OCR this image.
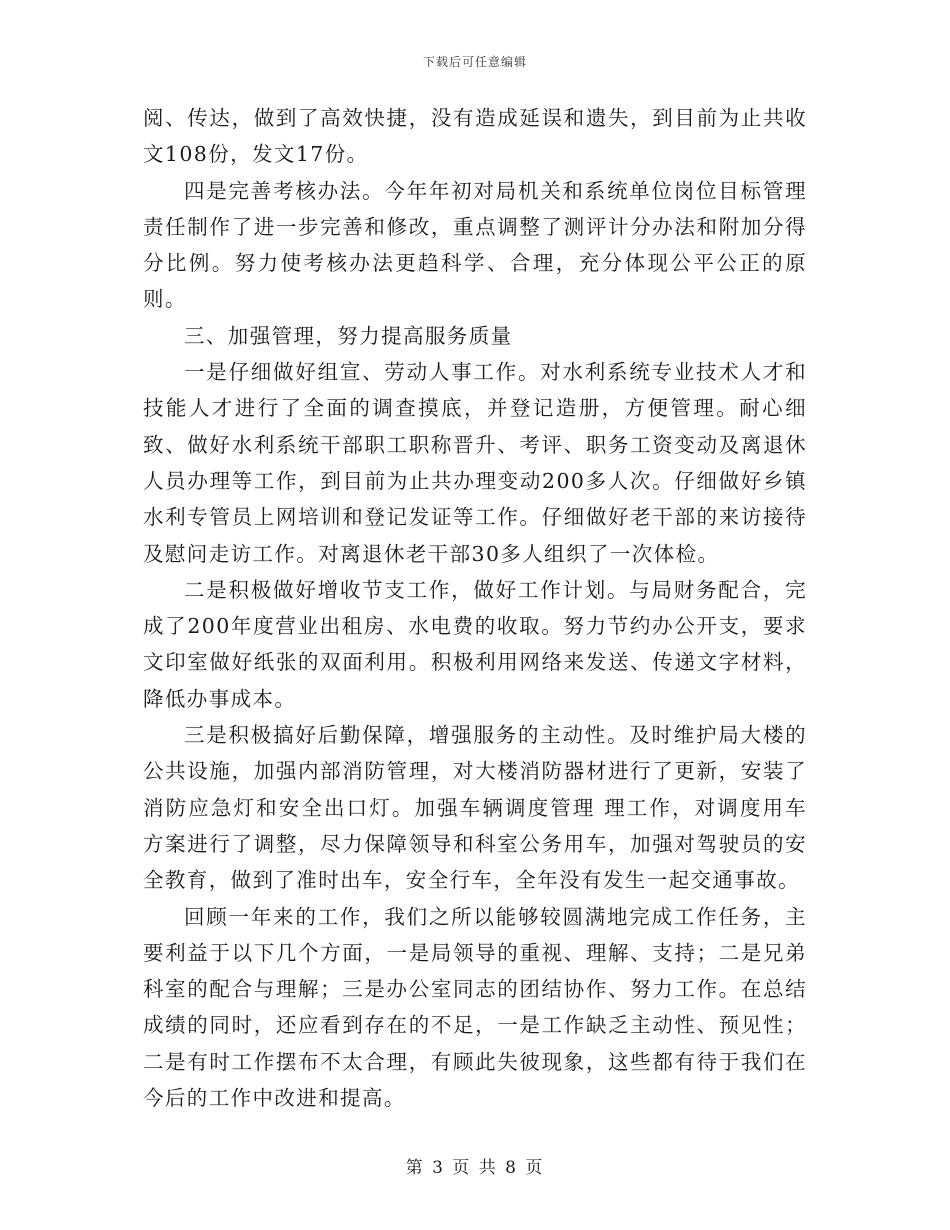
下载后可任意编辑

阅、传达，做到了高效快捷，没有造成延误和遗失，到目前为止共收文108份，发文17份。

四是完善考核办法。今年年初对局机关和系统单位岗位目标管理责任制作了进一步完善和修改，重点调整了测评计分办法和附加分得分比例。努力使考核办法更趋科学、合理，充分体现公平公正的原则。

三、加强管理，努力提高服务质量

一是仔细做好组宣、劳动人事工作。对水利系统专业技术人才和技能人才进行了全面的调查摸底，并登记造册，方便管理。耐心细致、做好水利系统干部职工职称晋升、考评、职务工资变动及离退休人员办理等工作，到目前为止共办理变动200多人次。仔细做好乡镇水利专管员上网培训和登记发证等工作。仔细做好老干部的来访接待及慰问走访工作。对离退休老干部30多人组织了一次体检。

二是积极做好增收节支工作，做好工作计划。与局财务配合，完成了200年度营业出租房、水电费的收取。努力节约办公开支，要求文印室做好纸张的双面利用。积极利用网络来发送、传递文字材料，降低办事成本。

三是积极搞好后勤保障，增强服务的主动性。及时维护局大楼的公共设施，加强内部消防管理，对大楼消防器材进行了更新，安装了消防应急灯和安全出口灯。加强车辆调度管理 理工作，对调度用车方案进行了调整，尽力保障领导和科室公务用车，加强对驾驶员的安全教育，做到了准时出车，安全行车，全年没有发生一起交通事故。

回顾一年来的工作，我们之所以能够较圆满地完成工作任务，主要利益于以下几个方面，一是局领导的重视、理解、支持；二是兄弟科室的配合与理解；三是办公室同志的团结协作、努力工作。在总结成绩的同时，还应看到存在的不足，一是工作缺乏主动性、预见性；二是有时工作摆布不太合理，有顾此失彼现象，这些都有待于我们在今后的工作中改进和提高。

第 3 页 共 8 页
